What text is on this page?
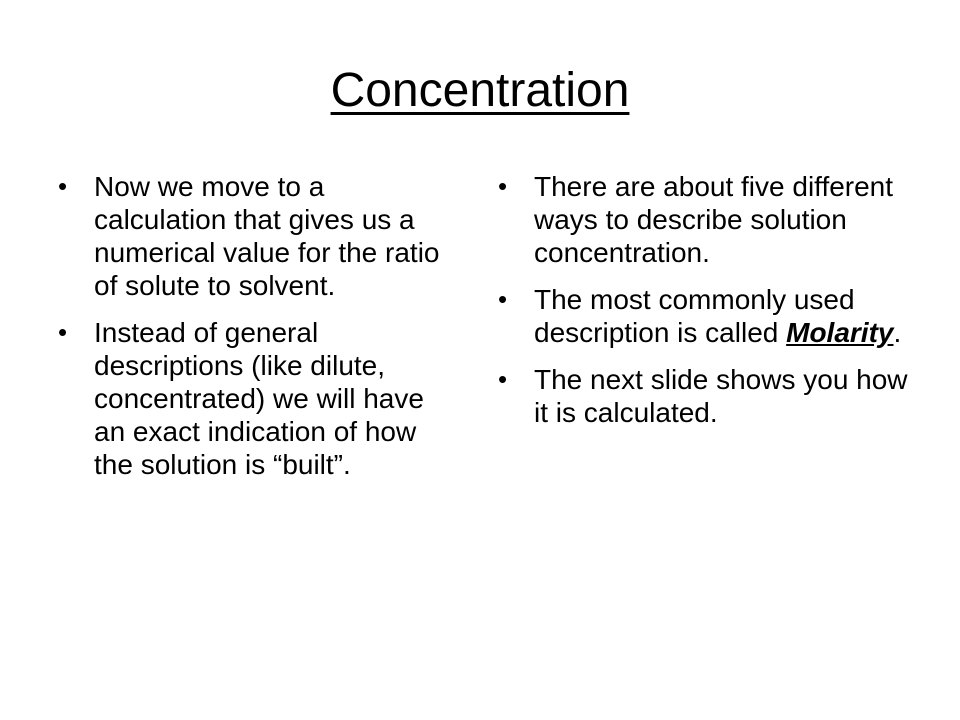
Concentration
• Now we move to a calculation that gives us a numerical value for the ratio of solute to solvent.
• Instead of general descriptions (like dilute, concentrated) we will have an exact indication of how the solution is “built”.
• There are about five different ways to describe solution concentration.
• The most commonly used description is called Molarity.
• The next slide shows you how it is calculated.
